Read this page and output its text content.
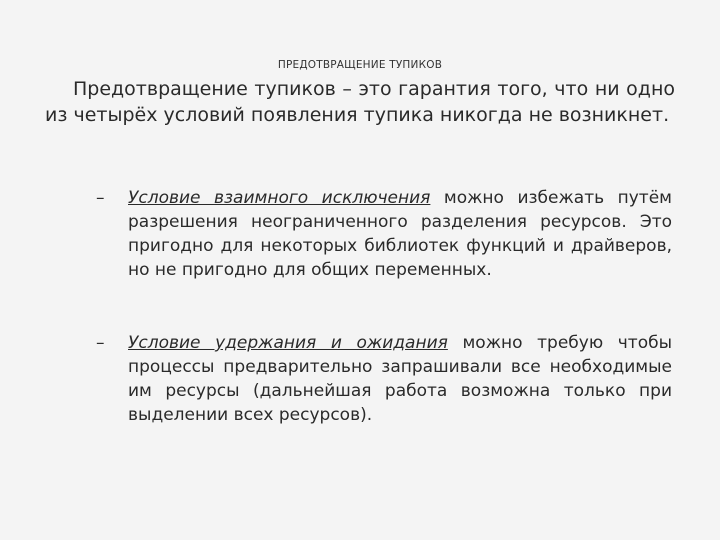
ПРЕДОТВРАЩЕНИЕ ТУПИКОВ
Предотвращение тупиков – это гарантия того, что ни одно из четырёх условий появления тупика никогда не возникнет.
–	Условие взаимного исключения можно избежать путём разрешения неограниченного разделения ресурсов. Это пригодно для некоторых библиотек функций и драйверов, но не пригодно для общих переменных.
–	Условие удержания и ожидания можно требую чтобы процессы предварительно запрашивали все необходимые им ресурсы (дальнейшая работа возможна только при выделении всех ресурсов).
